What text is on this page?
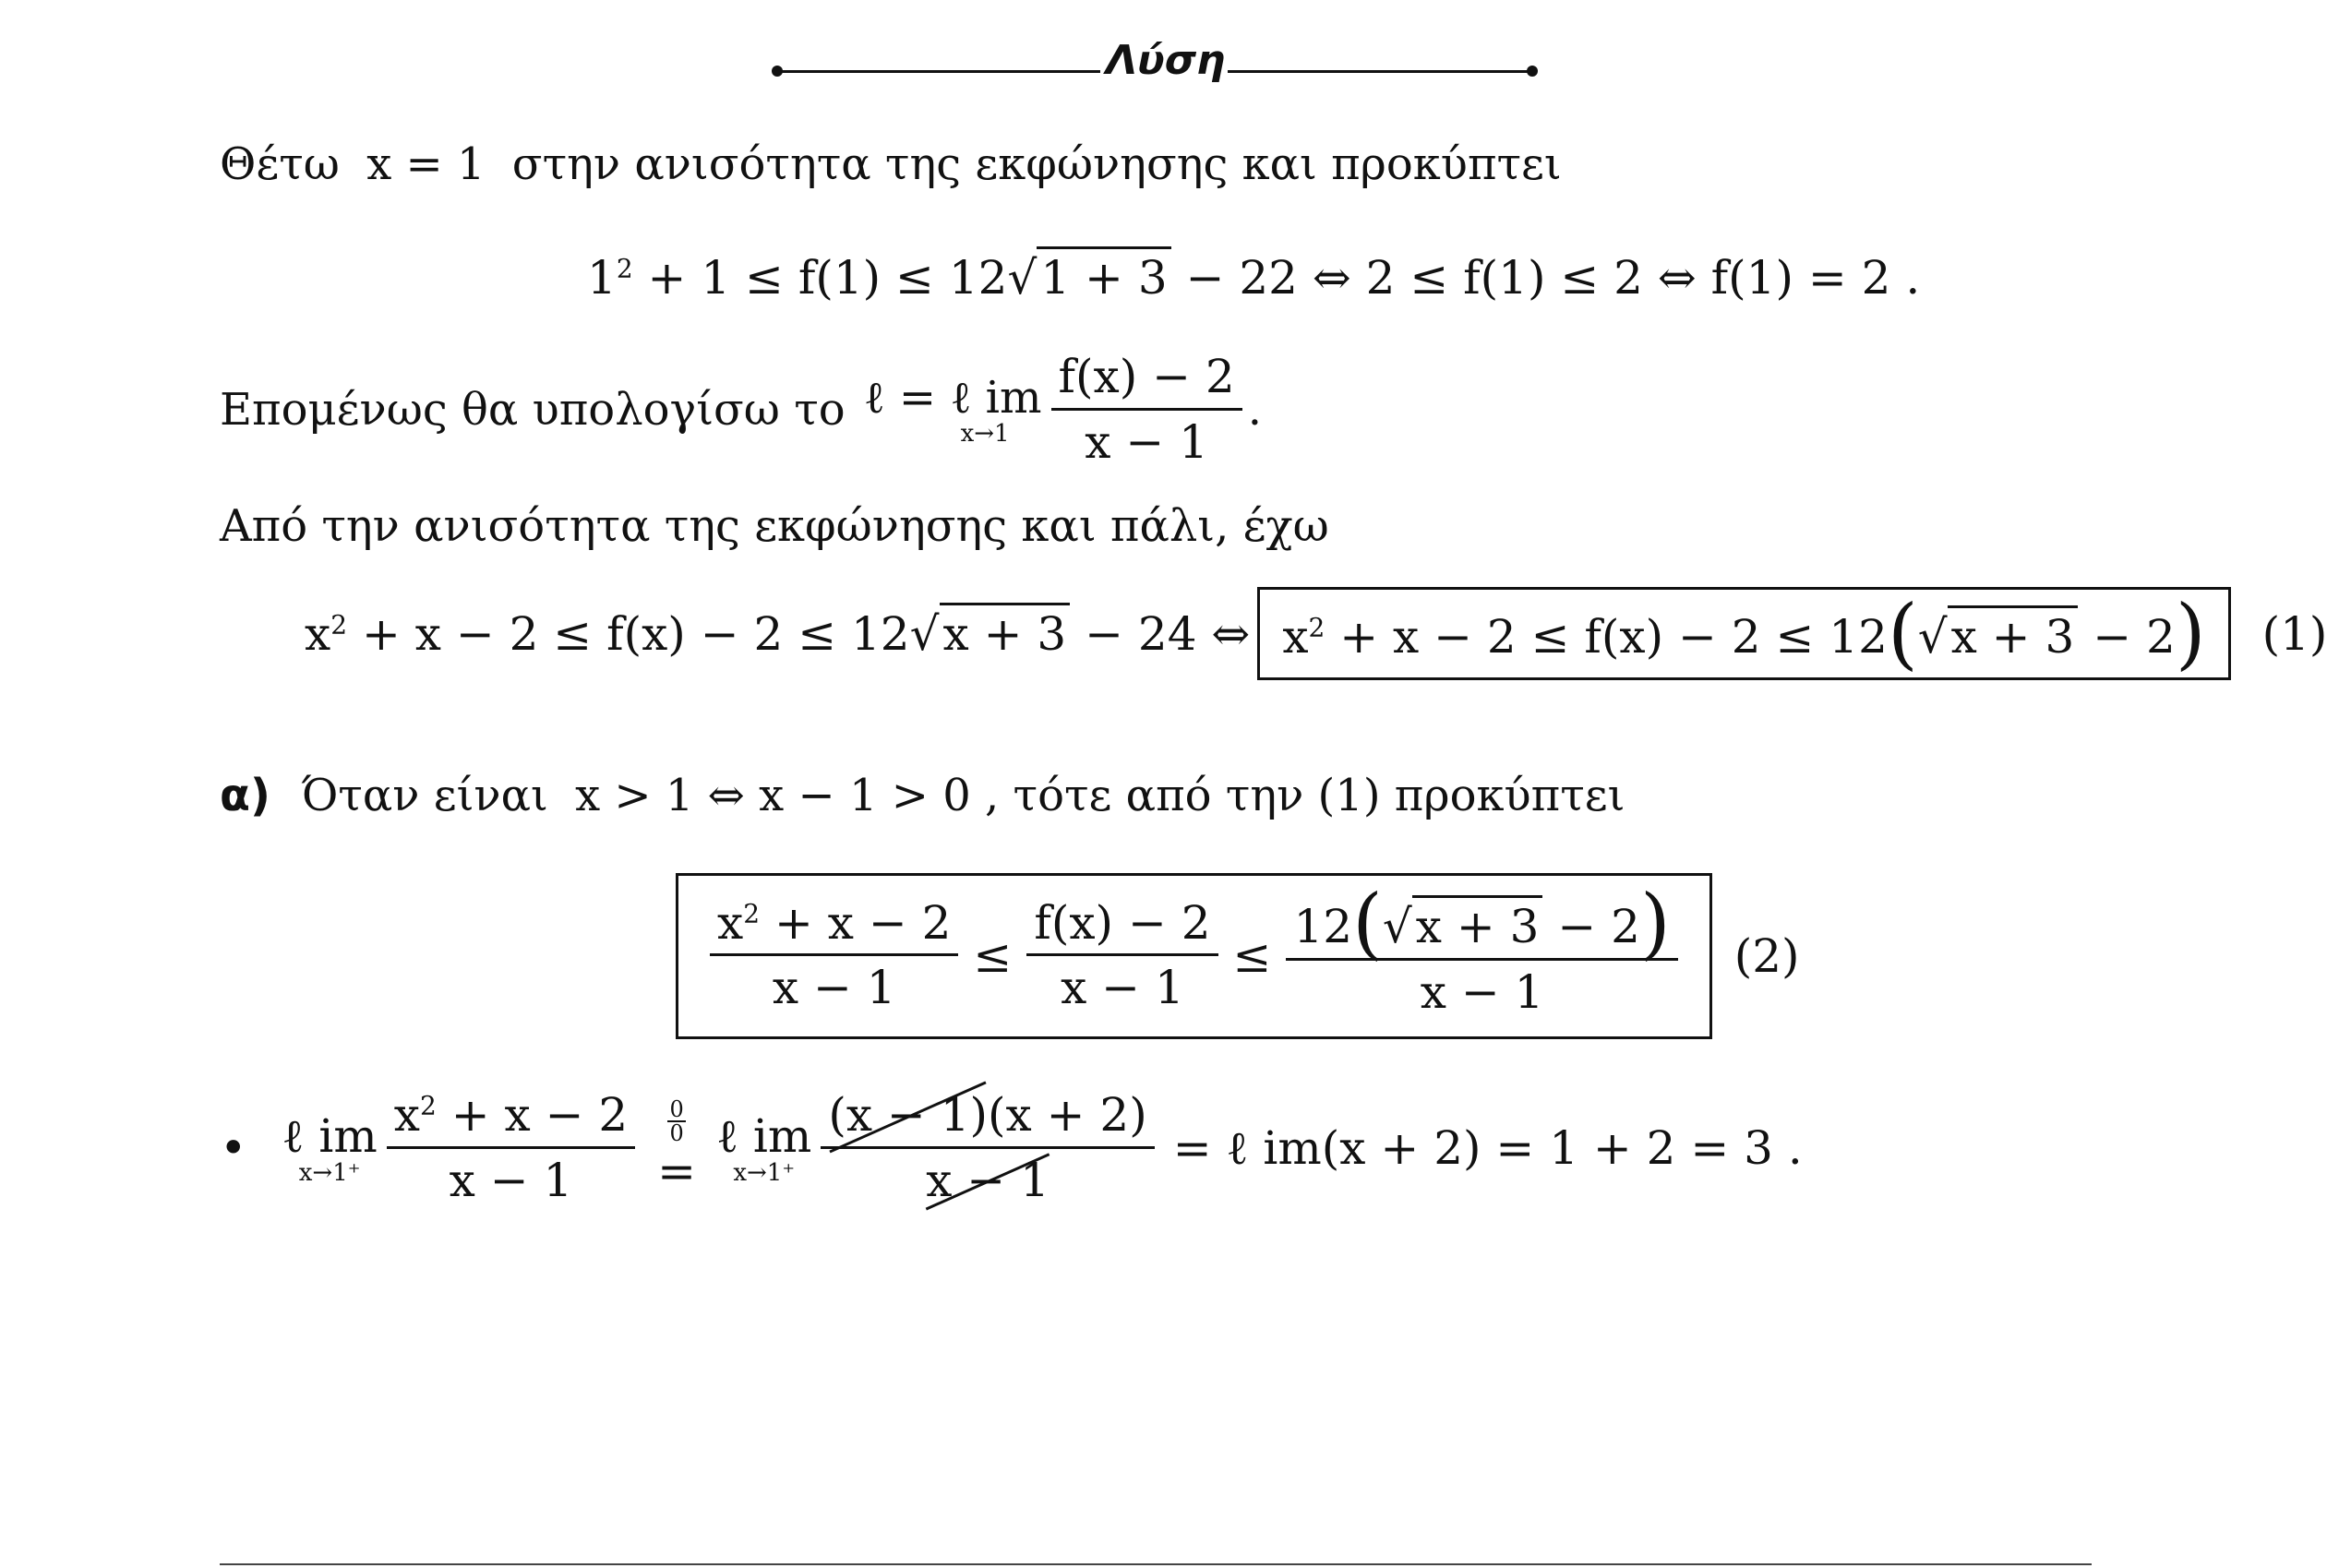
Λύση
Θέτω x = 1 στην ανισότητα της εκφώνησης και προκύπτει
$1^2 + 1 \le f(1) \le 12√1 + 3 - 22$ ⇔ 2 ≤ f(1) ≤ 2 ⇔ f(1) = 2 .
Επομένως θα υπολογίσω το ℓ = ℓ im
$x\to 1 \frac{f(x) - 2}{x - 1}$ .
Από την ανισότητα της εκφώνησης και πάλι, έχω
$x^2 + x - 2 \le f(x) - 2 \le 12√x + 3 - 24$ ⇔ $x^2 + x - 2 \le f(x) - 2 \le 12(√x + 3 - 2)$	(1)
α) Όταν είναι x > 1 ⇔ x − 1 > 0 , τότε από την (1) προκύπτει
$\frac{x^2 + x - 2}{x - 1} \le \frac{f(x) - 2}{x - 1} \le \frac{12(√x + 3 - 2)}{x - 1} (2)$
• ℓ im
$x\to 1^+ \frac{x^2 + x - 2}{x - 1} \frac{0}{0}$
=
ℓ im
$x\to 1^+ \frac{(x - 1)(x + 2)}{x - 1}$ = ℓ im(x + 2) = 1 + 2 = 3 .
